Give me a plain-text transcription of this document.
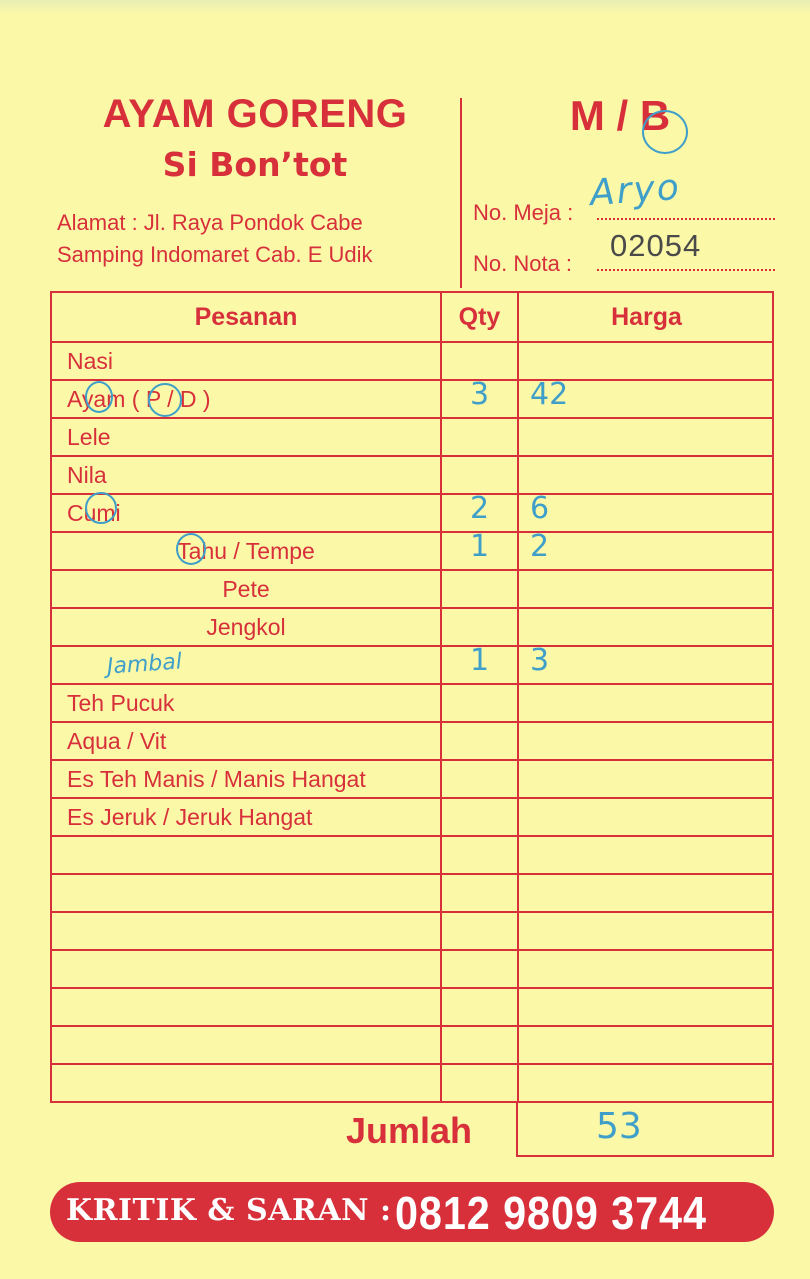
AYAM GORENG
Si Bon’tot
Alamat : Jl. Raya Pondok Cabe
Samping Indomaret Cab. E Udik
M / B
No. Meja : Aryo
No. Nota :
02054
Pesanan	Qty	Harga
Nasi
Ayam ( P / D )	3	42
Lele
Nila
Cumi	2	6
Tahu / Tempe	1	2
Pete
Jengkol
Jambal	1	3
Teh Pucuk
Aqua / Vit
Es Teh Manis / Manis Hangat
Es Jeruk / Jeruk Hangat
Jumlah	53
KRITIK & SARAN : 0812 9809 3744
